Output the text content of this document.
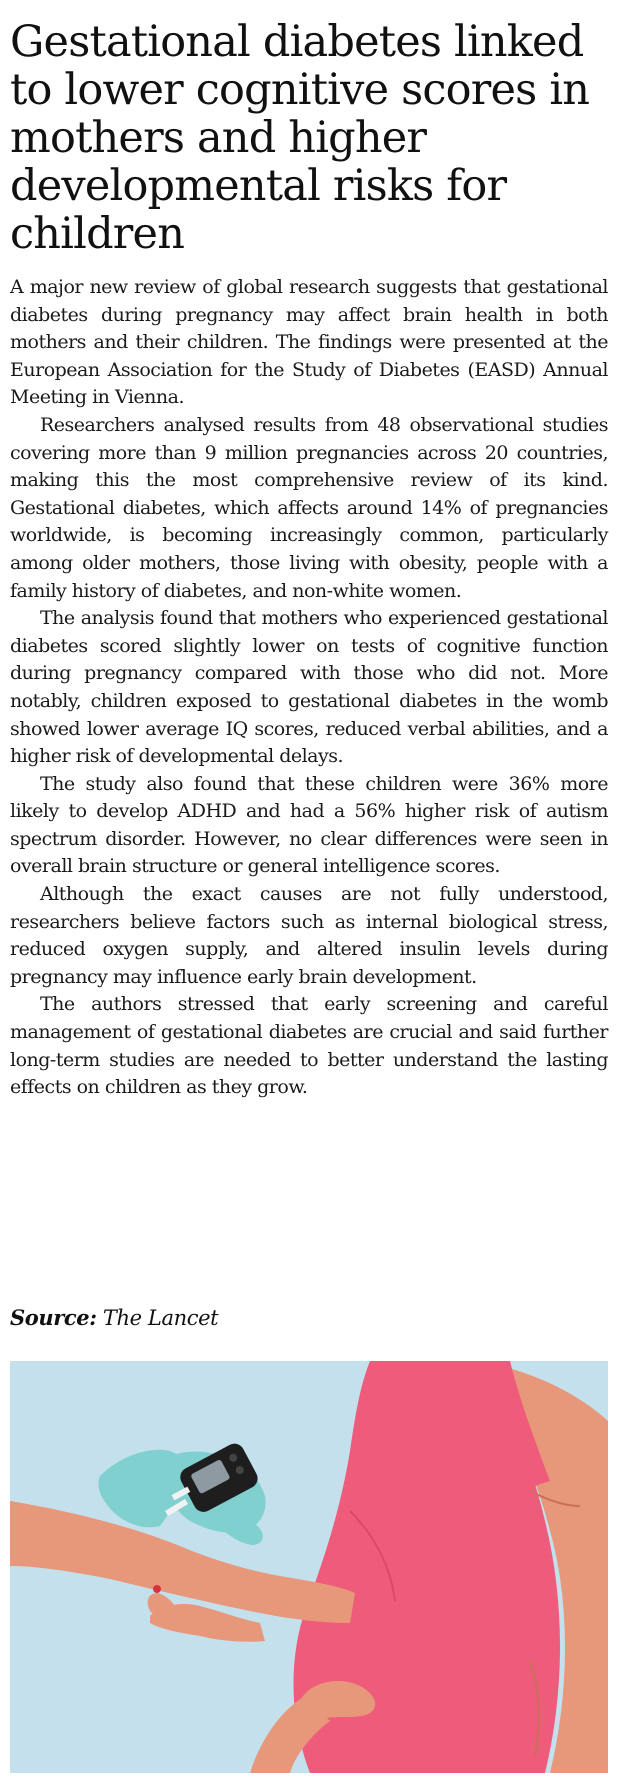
Gestational diabetes linked to lower cognitive scores in mothers and higher developmental risks for children

A major new review of global research suggests that gestational diabetes during pregnancy may affect brain health in both mothers and their children. The findings were presented at the European Association for the Study of Diabetes (EASD) Annual Meeting in Vienna.

Researchers analysed results from 48 observational studies covering more than 9 million pregnancies across 20 countries, making this the most comprehensive review of its kind. Gestational diabetes, which affects around 14% of pregnancies worldwide, is becoming increasingly common, particularly among older mothers, those living with obesity, people with a family history of diabetes, and non-white women.

The analysis found that mothers who experienced gestational diabetes scored slightly lower on tests of cognitive function during pregnancy compared with those who did not. More notably, children exposed to gestational diabetes in the womb showed lower average IQ scores, reduced verbal abilities, and a higher risk of developmental delays.

The study also found that these children were 36% more likely to develop ADHD and had a 56% higher risk of autism spectrum disorder. However, no clear differences were seen in overall brain structure or general intelligence scores.

Although the exact causes are not fully understood, researchers believe factors such as internal biological stress, reduced oxygen supply, and altered insulin levels during pregnancy may influence early brain development.

The authors stressed that early screening and careful management of gestational diabetes are crucial and said further long-term studies are needed to better understand the lasting effects on children as they grow.

Source: The Lancet
